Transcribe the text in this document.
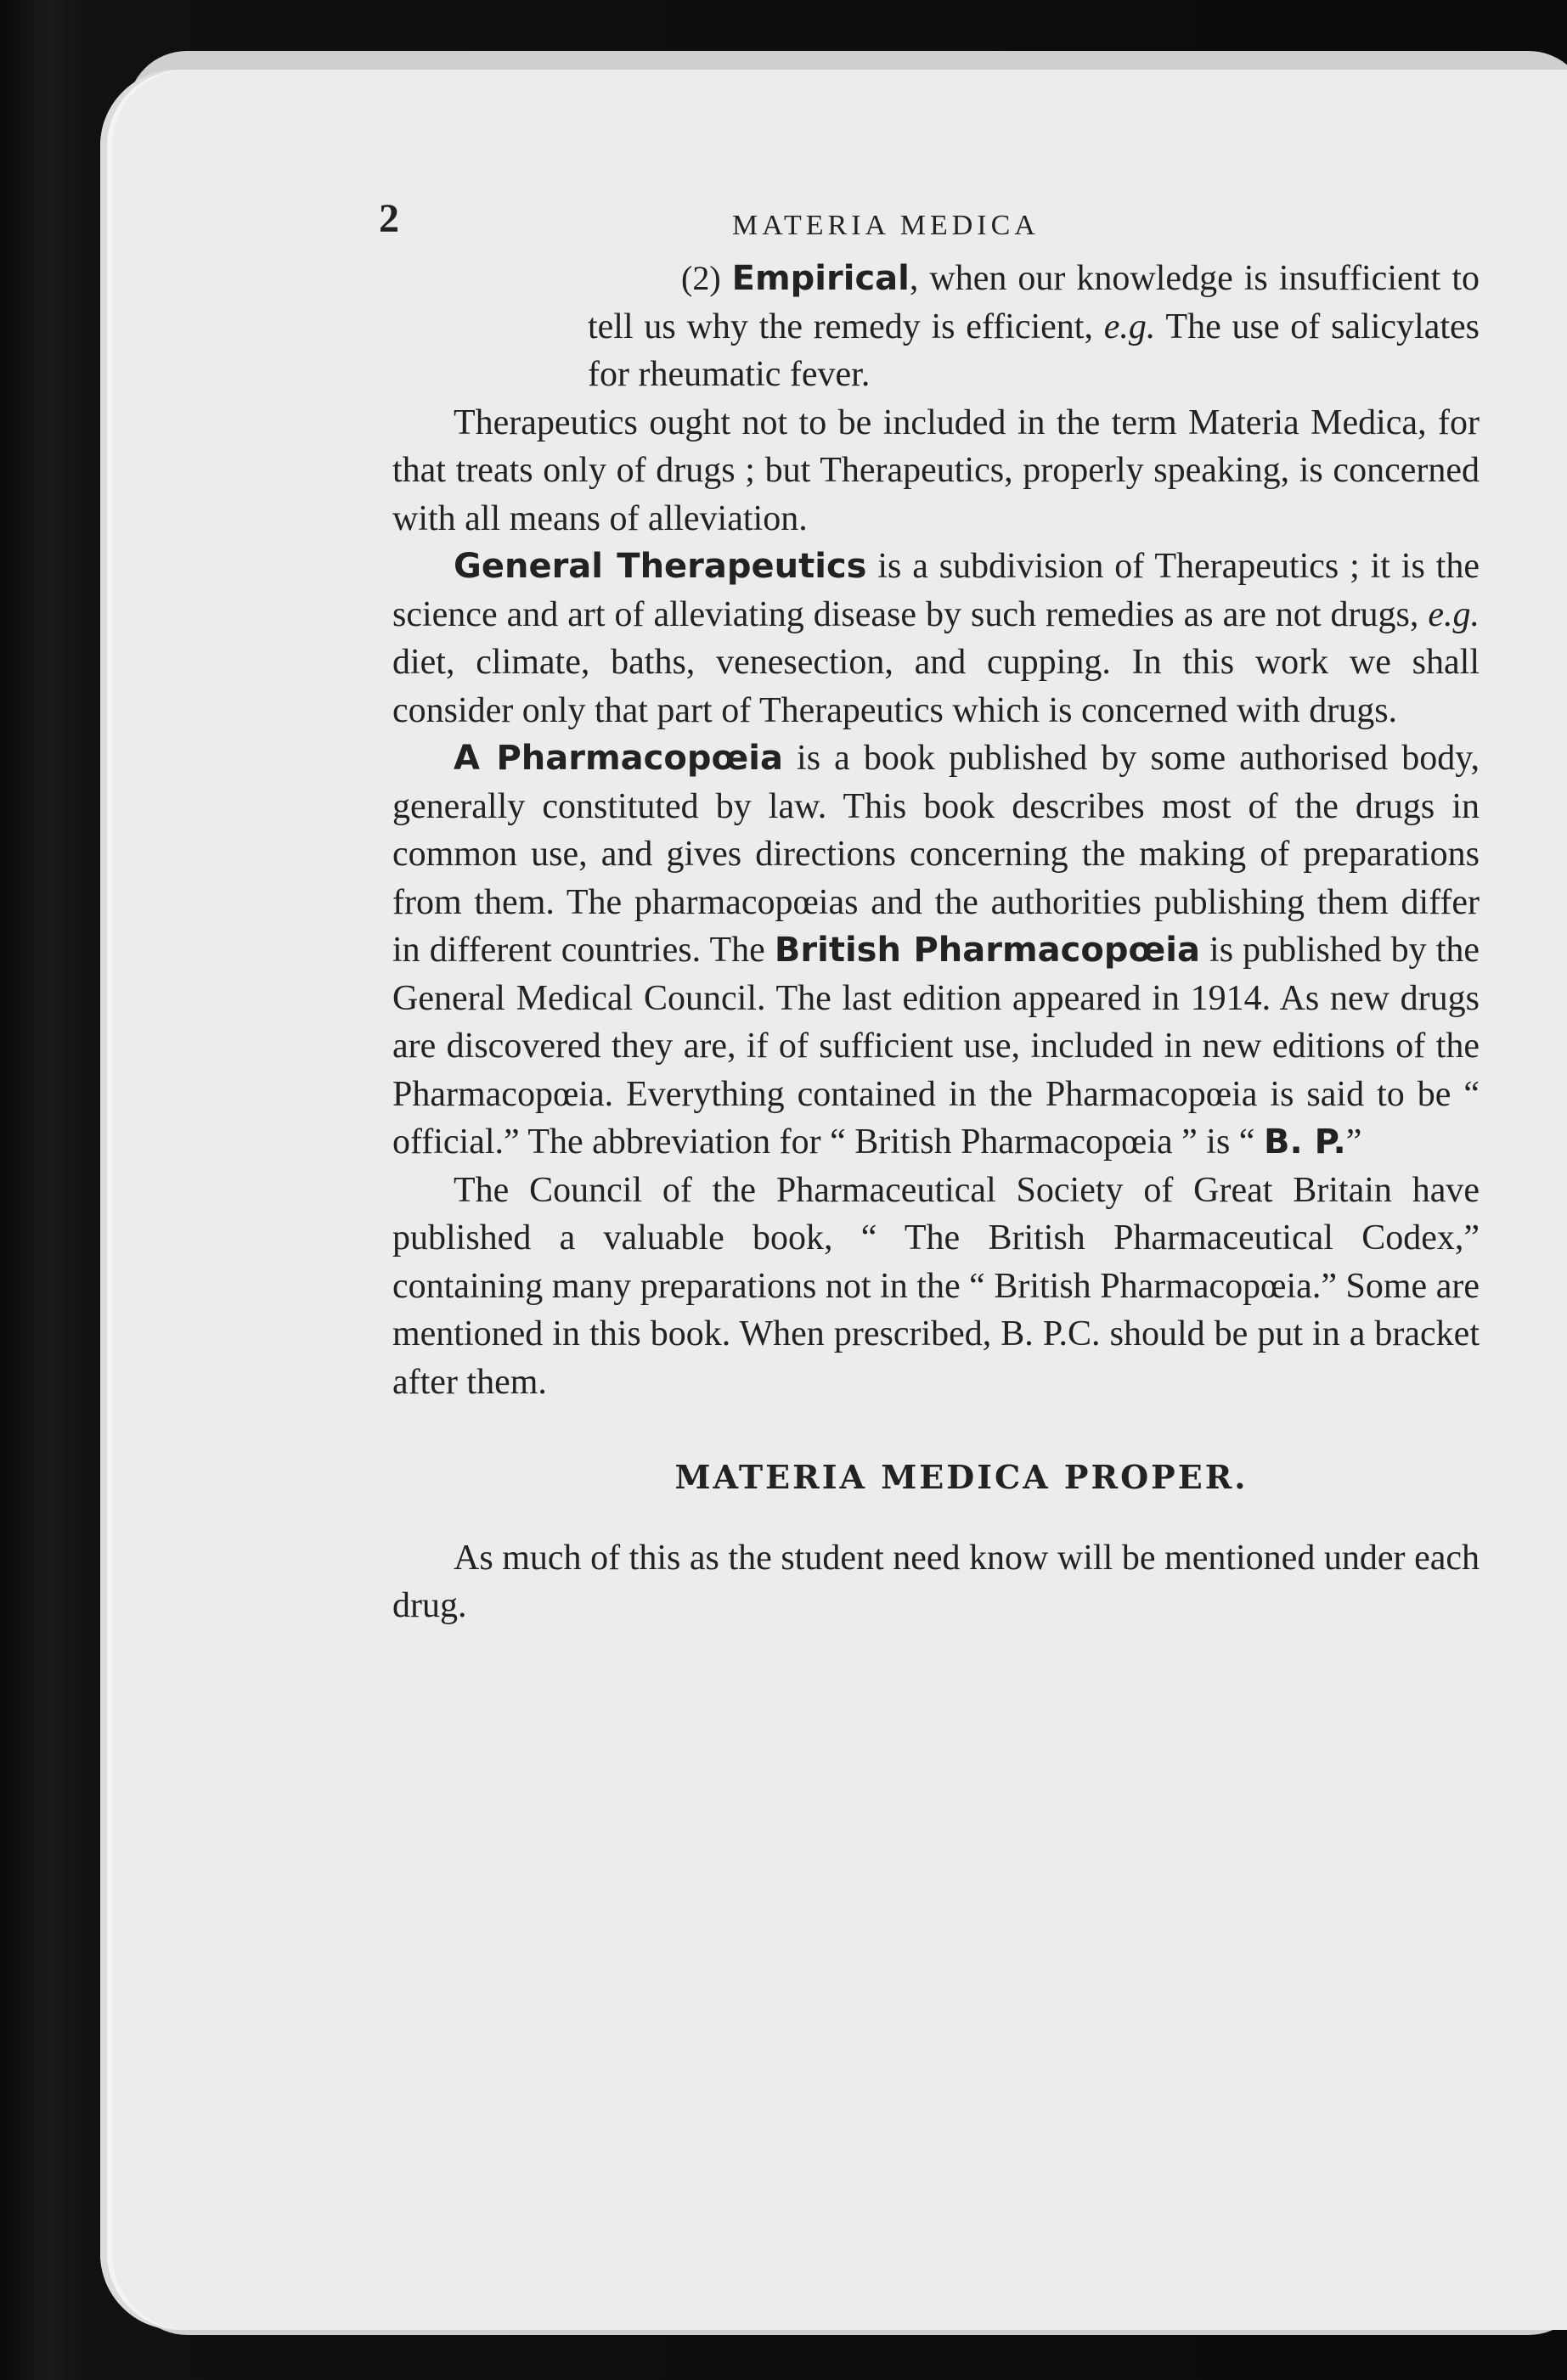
2	MATERIA MEDICA

(2) Empirical, when our knowledge is insufficient to tell us why the remedy is efficient, e.g. The use of salicylates for rheumatic fever.

Therapeutics ought not to be included in the term Materia Medica, for that treats only of drugs ; but Therapeutics, properly speaking, is concerned with all means of alleviation.

General Therapeutics is a subdivision of Therapeutics ; it is the science and art of alleviating disease by such remedies as are not drugs, e.g. diet, climate, baths, venesection, and cupping. In this work we shall consider only that part of Therapeutics which is concerned with drugs.

A Pharmacopœia is a book published by some authorised body, generally constituted by law. This book describes most of the drugs in common use, and gives directions concerning the making of preparations from them. The pharmacopœias and the authorities publishing them differ in different countries. The British Pharmacopœia is published by the General Medical Council. The last edition appeared in 1914. As new drugs are discovered they are, if of sufficient use, included in new editions of the Pharmacopœia. Everything contained in the Pharmacopœia is said to be “ official.” The abbreviation for “ British Pharmacopœia ” is “ B. P.”

The Council of the Pharmaceutical Society of Great Britain have published a valuable book, “ The British Pharmaceutical Codex,” containing many preparations not in the “ British Pharmacopœia.” Some are mentioned in this book. When prescribed, B. P.C. should be put in a bracket after them.

MATERIA MEDICA PROPER.

As much of this as the student need know will be mentioned under each drug.
